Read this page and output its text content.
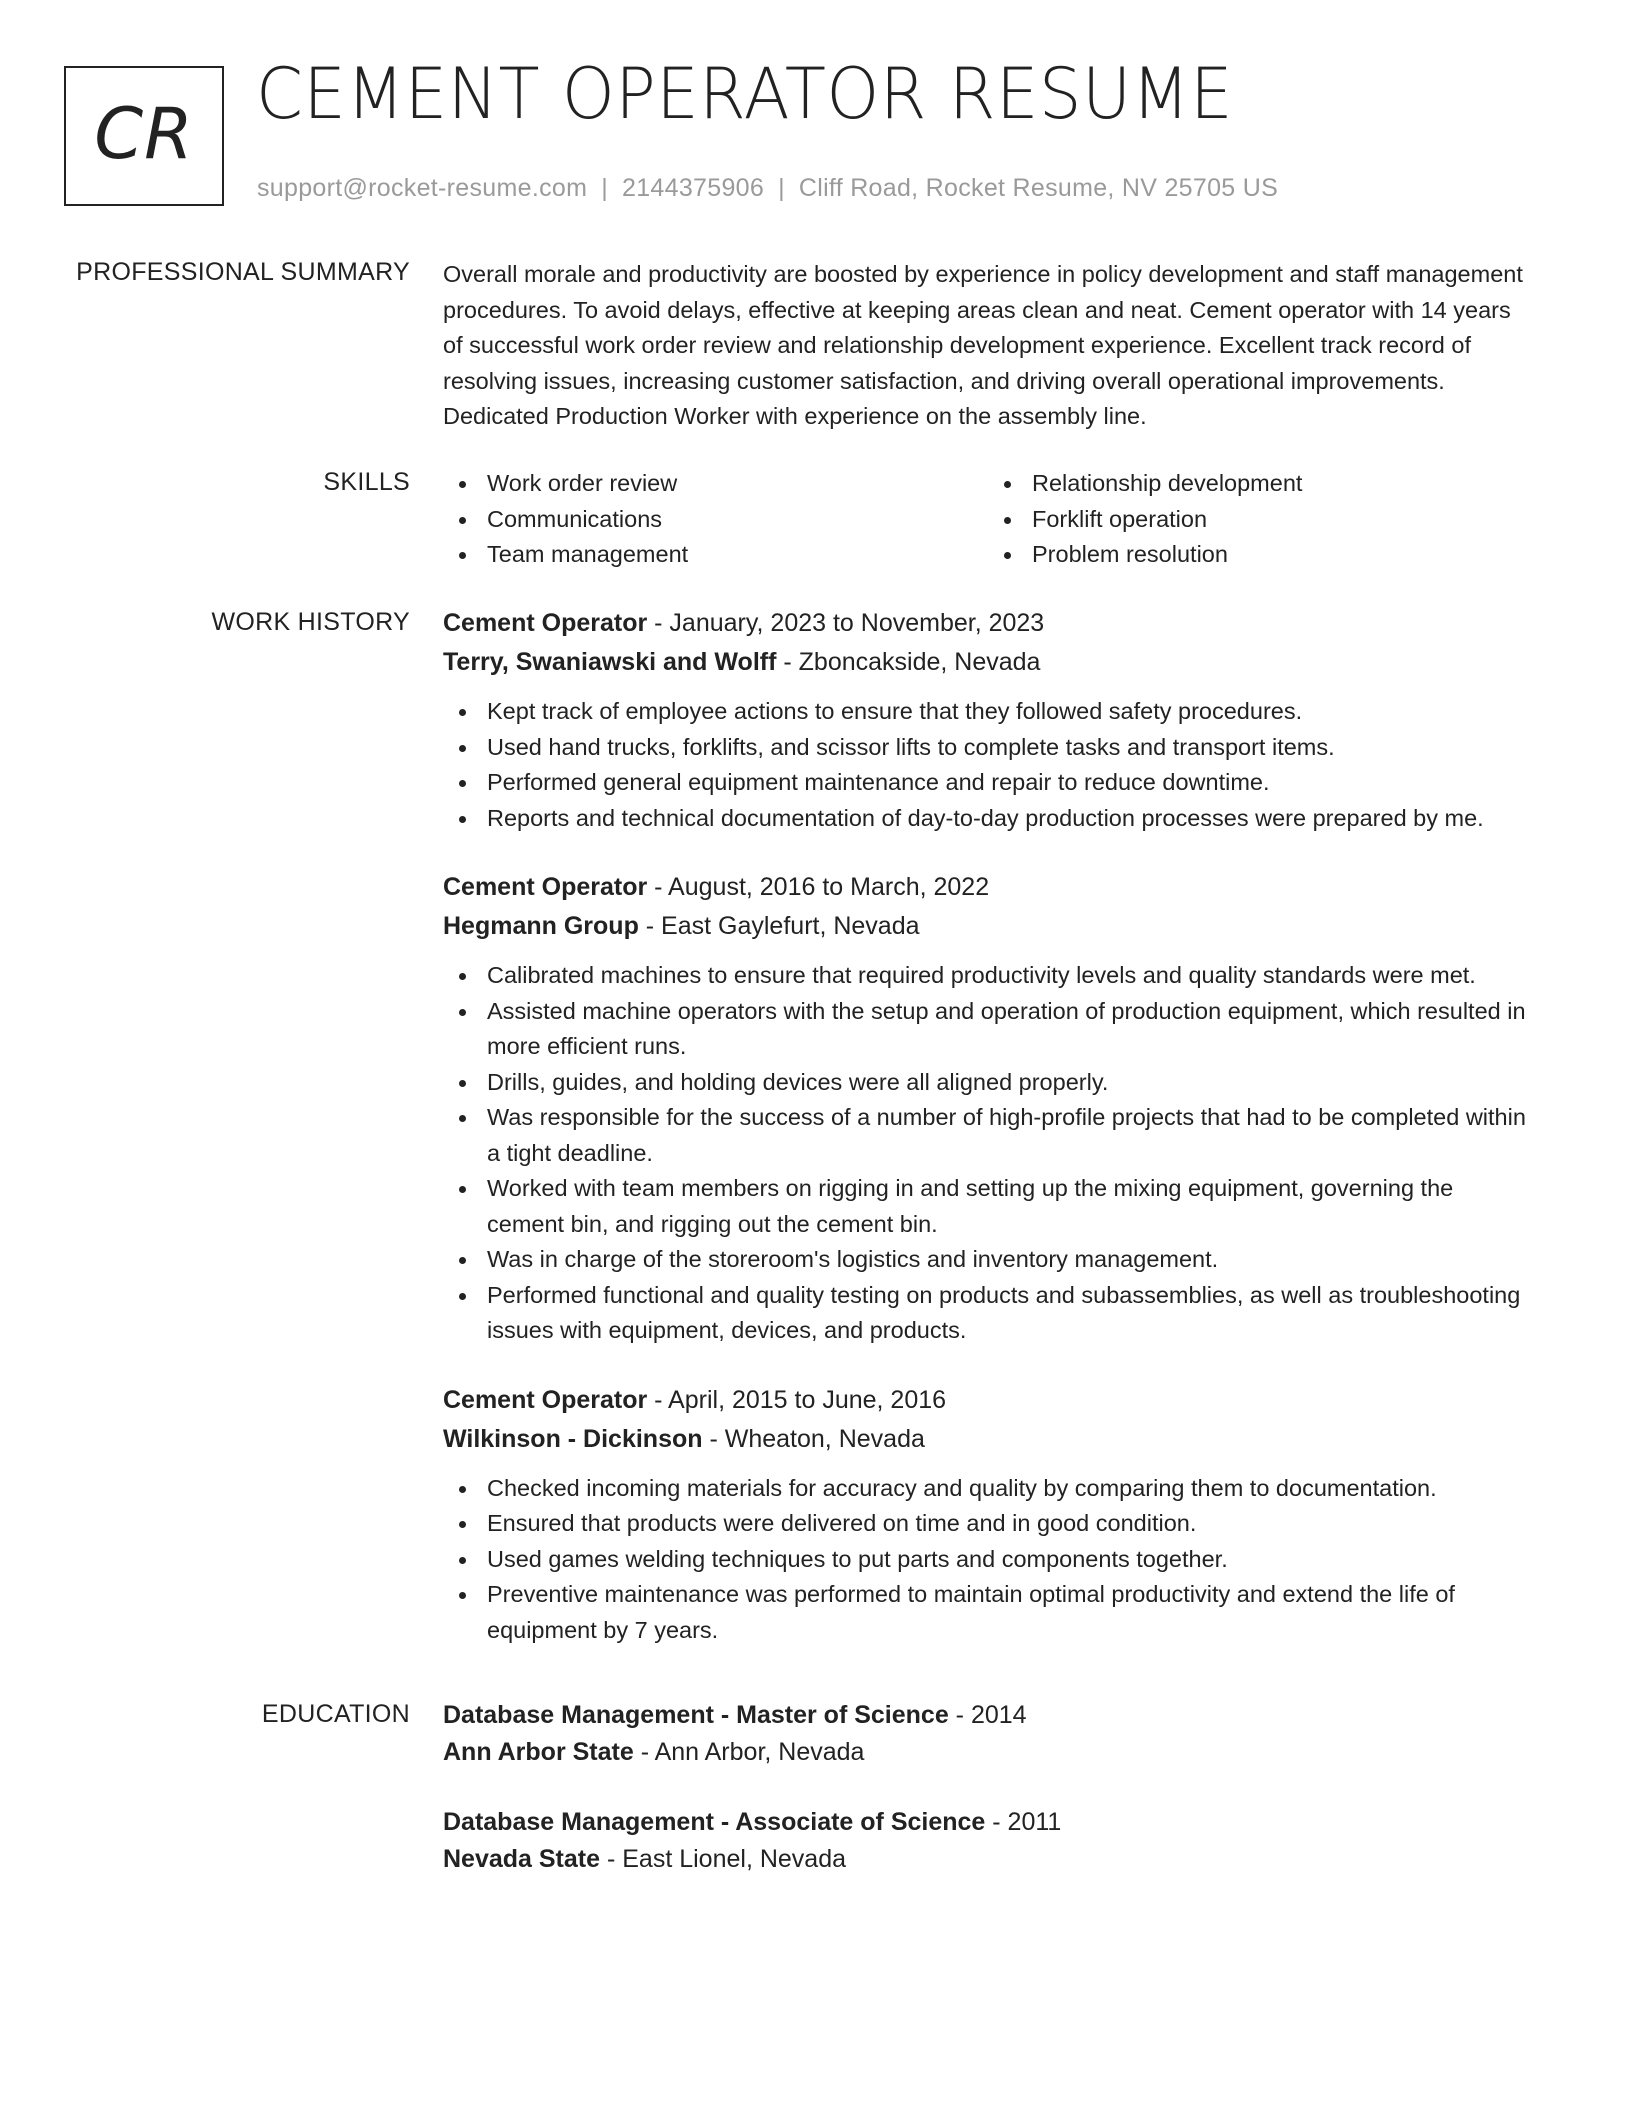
CR CEMENT OPERATOR RESUME
support@rocket-resume.com | 2144375906 | Cliff Road, Rocket Resume, NV 25705 US
PROFESSIONAL SUMMARY Overall morale and productivity are boosted by experience in policy development and staff management procedures. To avoid delays, effective at keeping areas clean and neat. Cement operator with 14 years of successful work order review and relationship development experience. Excellent track record of resolving issues, increasing customer satisfaction, and driving overall operational improvements. Dedicated Production Worker with experience on the assembly line.

SKILLS	Work order review
Communications
Team management
Relationship development
Forklift operation
Problem resolution
WORK HISTORY Cement Operator - January, 2023 to November, 2023
Terry, Swaniawski and Wolff - Zboncakside, Nevada
Kept track of employee actions to ensure that they followed safety procedures.
Used hand trucks, forklifts, and scissor lifts to complete tasks and transport items.
Performed general equipment maintenance and repair to reduce downtime.
Reports and technical documentation of day-to-day production processes were prepared by me.
Cement Operator - August, 2016 to March, 2022
Hegmann Group - East Gaylefurt, Nevada
Calibrated machines to ensure that required productivity levels and quality standards were met.
Assisted machine operators with the setup and operation of production equipment, which resulted in more efficient runs.
Drills, guides, and holding devices were all aligned properly.
Was responsible for the success of a number of high-profile projects that had to be completed within a tight deadline.
Worked with team members on rigging in and setting up the mixing equipment, governing the cement bin, and rigging out the cement bin.
Was in charge of the storeroom's logistics and inventory management.
Performed functional and quality testing on products and subassemblies, as well as troubleshooting issues with equipment, devices, and products.
Cement Operator - April, 2015 to June, 2016
Wilkinson - Dickinson - Wheaton, Nevada
Checked incoming materials for accuracy and quality by comparing them to documentation.
Ensured that products were delivered on time and in good condition.
Used games welding techniques to put parts and components together.
Preventive maintenance was performed to maintain optimal productivity and extend the life of equipment by 7 years.
EDUCATION Database Management - Master of Science - 2014
Ann Arbor State - Ann Arbor, Nevada
Database Management - Associate of Science - 2011
Nevada State - East Lionel, Nevada
